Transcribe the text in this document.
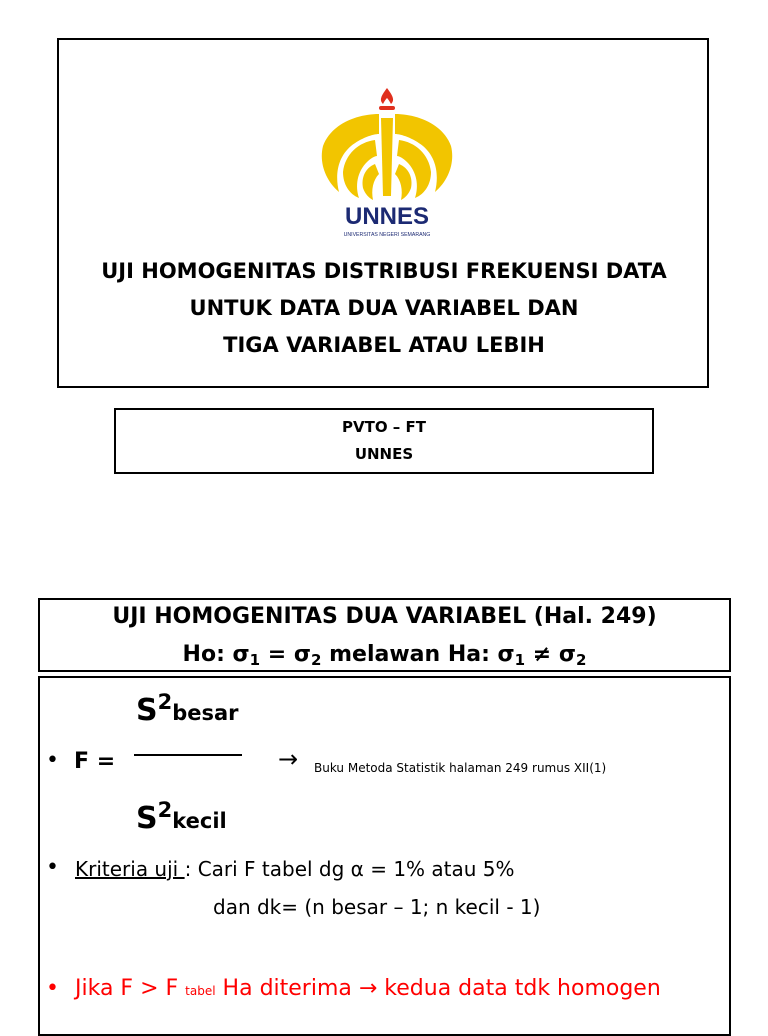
UNNES
UNIVERSITAS NEGERI SEMARANG
UJI HOMOGENITAS DISTRIBUSI FREKUENSI DATA
UNTUK DATA DUA VARIABEL DAN
TIGA VARIABEL ATAU LEBIH
PVTO – FT
UNNES
UJI HOMOGENITAS DUA VARIABEL (Hal. 249)
Ho: $\sigma_1 = \sigma_2$ melawan Ha: $\sigma_1 \ne \sigma_2$
$S^2besar$
• F =	→ Buku Metoda Statistik halaman 249 rumus XII(1)
$S^2kecil$
• Kriteria uji : Cari F tabel dg α = 1% atau 5%
dan dk= (n besar – 1; n kecil - 1)
• Jika F > F tabel Ha diterima → kedua data tdk homogen
